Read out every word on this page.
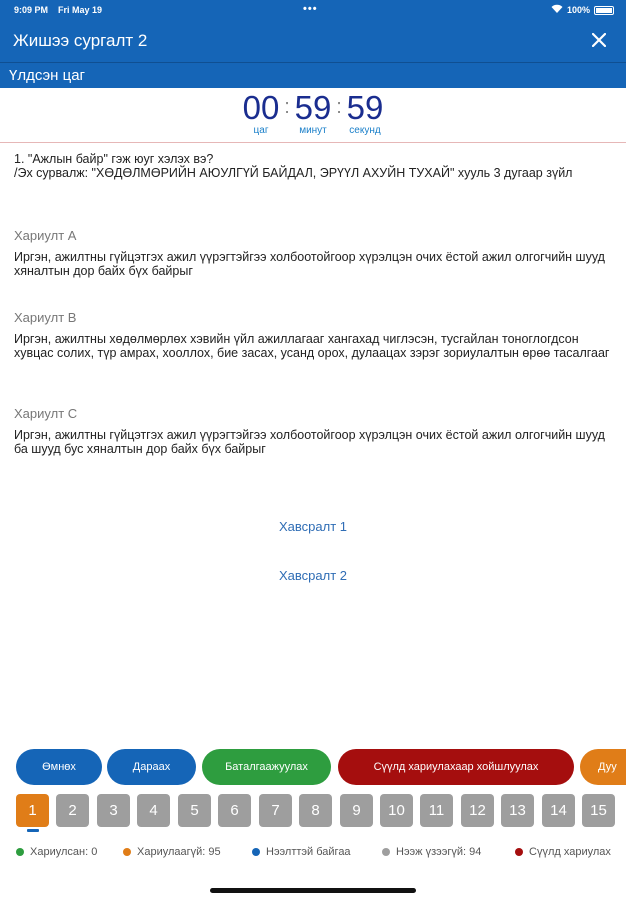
9:09 PM Fri May 19	•••	100%
Жишээ сургалт 2
Үлдсэн цаг
00
цаг
: 59
минут
: 59
секунд
1. "Ажлын байр" гэж юуг хэлэх вэ?
/Эх сурвалж: "ХӨДӨЛМӨРИЙН АЮУЛГҮЙ БАЙДАЛ, ЭРҮҮЛ АХУЙН ТУХАЙ" хууль 3 дугаар зүйл
Хариулт A
Иргэн, ажилтны гүйцэтгэх ажил үүрэгтэйгээ холбоотойгоор хүрэлцэн очих ёстой ажил олгогчийн шууд хяналтын дор байх бүх байрыг
Хариулт B
Иргэн, ажилтны хөдөлмөрлөх хэвийн үйл ажиллагааг хангахад чиглэсэн, тусгайлан тоноглогдсон хувцас солих, түр амрах, хооллох, бие засах, усанд орох, дулаацах зэрэг зориулалтын өрөө тасалгааг
Хариулт C
Иргэн, ажилтны гүйцэтгэх ажил үүрэгтэйгээ холбоотойгоор хүрэлцэн очих ёстой ажил олгогчийн шууд ба шууд бус хяналтын дор байх бүх байрыг
Хавсралт 1
Хавсралт 2
Өмнөх	Дараах	Баталгаажуулах	Сүүлд хариулахаар хойшлуулах	Дуу
1	2	3	4	5	6	7	8	9	10	11	12	13	14	15
Хариулсан: 0	Хариулаагүй: 95	Нээлттэй байгаа	Нээж үзээгүй: 94	Сүүлд хариулах
